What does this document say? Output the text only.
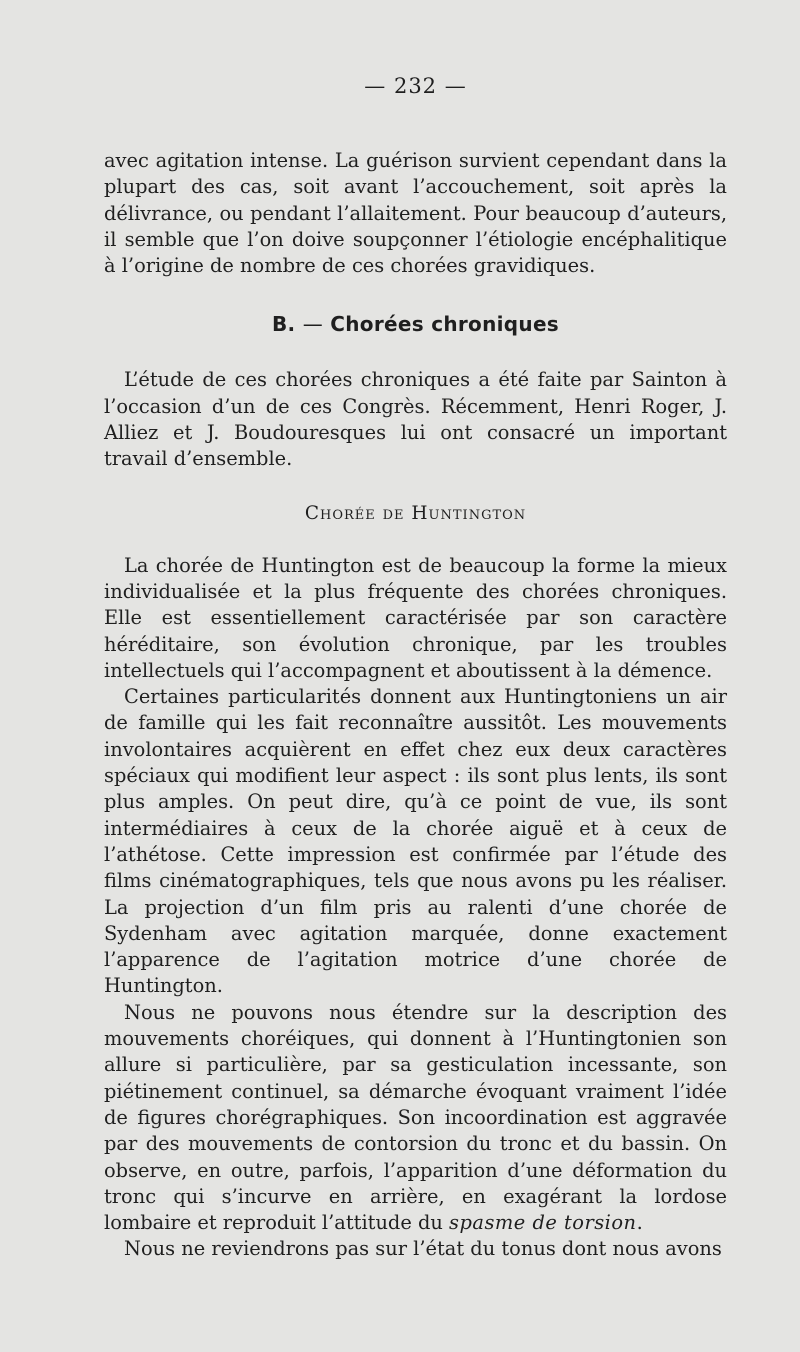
— 232 —

avec agitation intense. La guérison survient cependant dans la plupart des cas, soit avant l’accouchement, soit après la délivrance, ou pendant l’allaitement. Pour beaucoup d’auteurs, il semble que l’on doive soupçonner l’étiologie encéphalitique à l’origine de nombre de ces chorées gravidiques.

B. — Chorées chroniques

L’étude de ces chorées chroniques a été faite par Sainton à l’occasion d’un de ces Congrès. Récemment, Henri Roger, J. Alliez et J. Boudouresques lui ont consacré un important travail d’ensemble.

Chorée de Huntington

La chorée de Huntington est de beaucoup la forme la mieux individualisée et la plus fréquente des chorées chroniques. Elle est essentiellement caractérisée par son caractère héréditaire, son évolution chronique, par les troubles intellectuels qui l’accompagnent et aboutissent à la démence.

Certaines particularités donnent aux Huntingtoniens un air de famille qui les fait reconnaître aussitôt. Les mouvements involontaires acquièrent en effet chez eux deux caractères spéciaux qui modifient leur aspect : ils sont plus lents, ils sont plus amples. On peut dire, qu’à ce point de vue, ils sont intermédiaires à ceux de la chorée aiguë et à ceux de l’athétose. Cette impression est confirmée par l’étude des films cinématographiques, tels que nous avons pu les réaliser. La projection d’un film pris au ralenti d’une chorée de Sydenham avec agitation marquée, donne exactement l’apparence de l’agitation motrice d’une chorée de Huntington.

Nous ne pouvons nous étendre sur la description des mouvements choréiques, qui donnent à l’Huntingtonien son allure si particulière, par sa gesticulation incessante, son piétinement continuel, sa démarche évoquant vraiment l’idée de figures chorégraphiques. Son incoordination est aggravée par des mouvements de contorsion du tronc et du bassin. On observe, en outre, parfois, l’apparition d’une déformation du tronc qui s’incurve en arrière, en exagérant la lordose lombaire et reproduit l’attitude du spasme de torsion.

Nous ne reviendrons pas sur l’état du tonus dont nous avons
